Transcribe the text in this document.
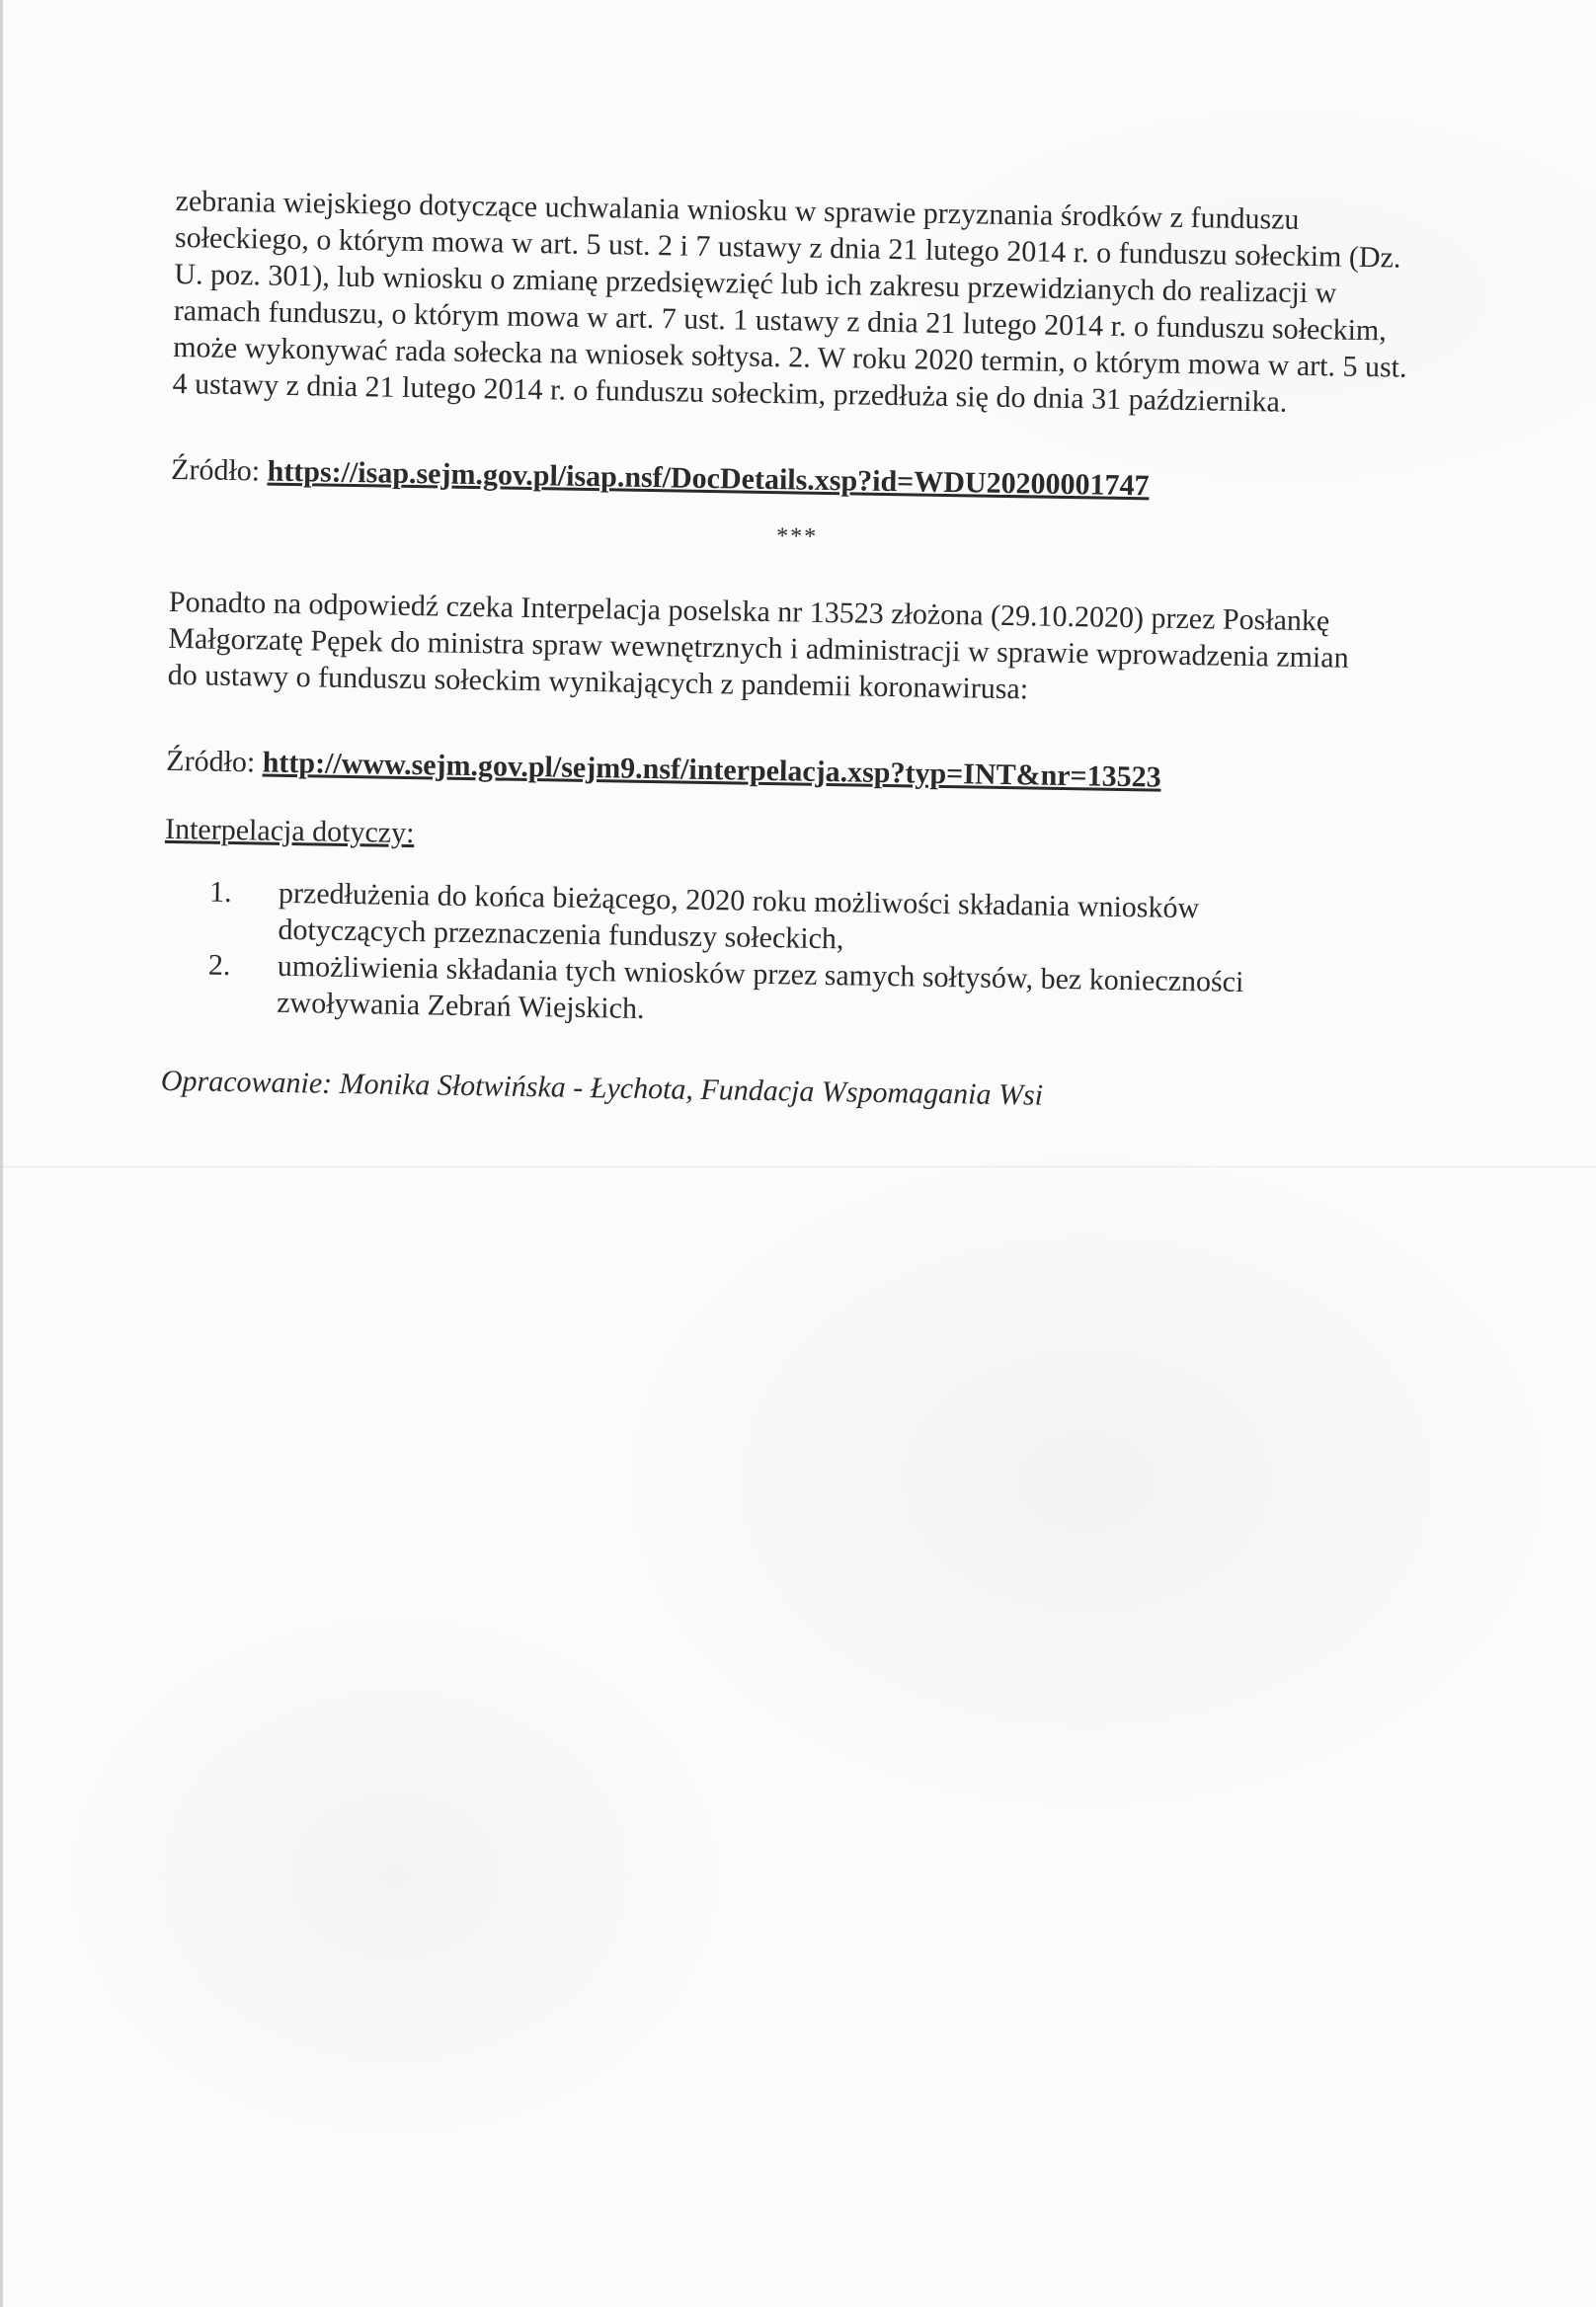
zebrania wiejskiego dotyczące uchwalania wniosku w sprawie przyznania środków z funduszu sołeckiego, o którym mowa w art. 5 ust. 2 i 7 ustawy z dnia 21 lutego 2014 r. o funduszu sołeckim (Dz. U. poz. 301), lub wniosku o zmianę przedsięwzięć lub ich zakresu przewidzianych do realizacji w ramach funduszu, o którym mowa w art. 7 ust. 1 ustawy z dnia 21 lutego 2014 r. o funduszu sołeckim, może wykonywać rada sołecka na wniosek sołtysa. 2. W roku 2020 termin, o którym mowa w art. 5 ust. 4 ustawy z dnia 21 lutego 2014 r. o funduszu sołeckim, przedłuża się do dnia 31 października.

Źródło: https://isap.sejm.gov.pl/isap.nsf/DocDetails.xsp?id=WDU20200001747
***

Ponadto na odpowiedź czeka Interpelacja poselska nr 13523 złożona (29.10.2020) przez Posłankę Małgorzatę Pępek do ministra spraw wewnętrznych i administracji w sprawie wprowadzenia zmian do ustawy o funduszu sołeckim wynikających z pandemii koronawirusa:

Źródło: http://www.sejm.gov.pl/sejm9.nsf/interpelacja.xsp?typ=INT&nr=13523
Interpelacja dotyczy:
1.	przedłużenia do końca bieżącego, 2020 roku możliwości składania wniosków dotyczących przeznaczenia funduszy sołeckich,
2.	umożliwienia składania tych wniosków przez samych sołtysów, bez konieczności zwoływania Zebrań Wiejskich.
Opracowanie: Monika Słotwińska - Łychota, Fundacja Wspomagania Wsi
